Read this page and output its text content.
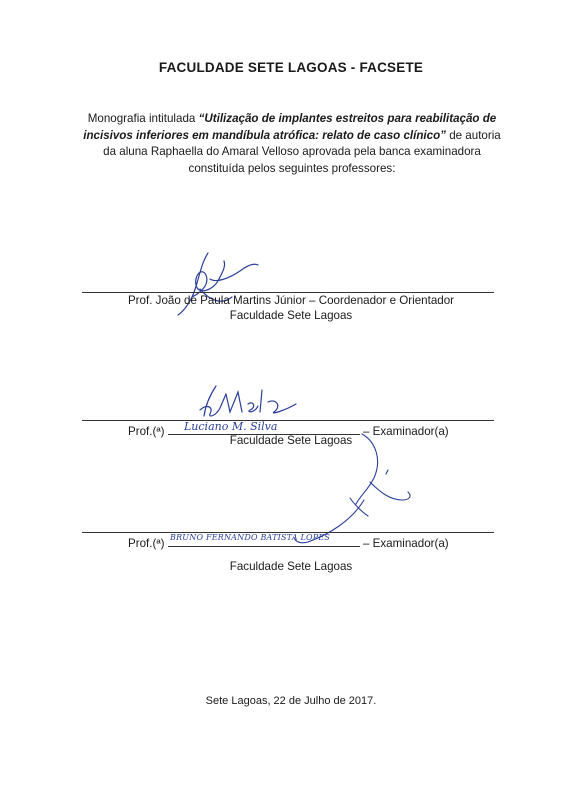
FACULDADE SETE LAGOAS - FACSETE
Monografia intitulada “Utilização de implantes estreitos para reabilitação de incisivos inferiores em mandíbula atrófica: relato de caso clínico” de autoria da aluna Raphaella do Amaral Velloso aprovada pela banca examinadora constituída pelos seguintes professores:
Prof. João de Paula Martins Júnior – Coordenador e Orientador
Faculdade Sete Lagoas
Prof.(ª)	– Examinador(a)
Luciano M. Silva
Faculdade Sete Lagoas
Prof.(ª)	– Examinador(a)
BRUNO FERNANDO BATISTA LOPES
Faculdade Sete Lagoas
Sete Lagoas, 22 de Julho de 2017.
